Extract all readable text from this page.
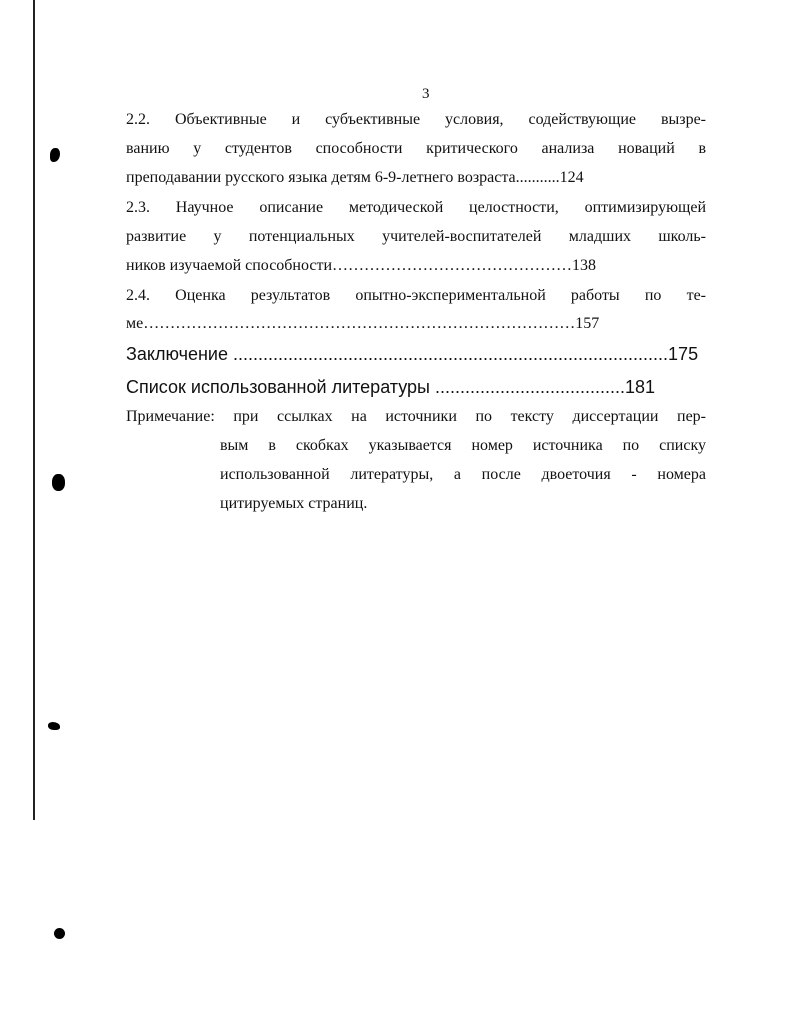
3
2.2. Объективные и субъективные условия, содействующие вызре-
ванию у студентов способности критического анализа новаций в
преподавании русского языка детям 6-9-летнего возраста...........124
2.3. Научное описание методической целостности, оптимизирующей
развитие у потенциальных учителей-воспитателей младших школь-
ников изучаемой способности………………………………………138
2.4. Оценка результатов опытно-экспериментальной работы по те-
ме………………………………………………………………………157
Заключение .......................................................................................175
Список использованной литературы ......................................181
Примечание: при ссылках на источники по тексту диссертации пер-
вым в скобках указывается номер источника по списку
использованной литературы, а после двоеточия - номера
цитируемых страниц.
